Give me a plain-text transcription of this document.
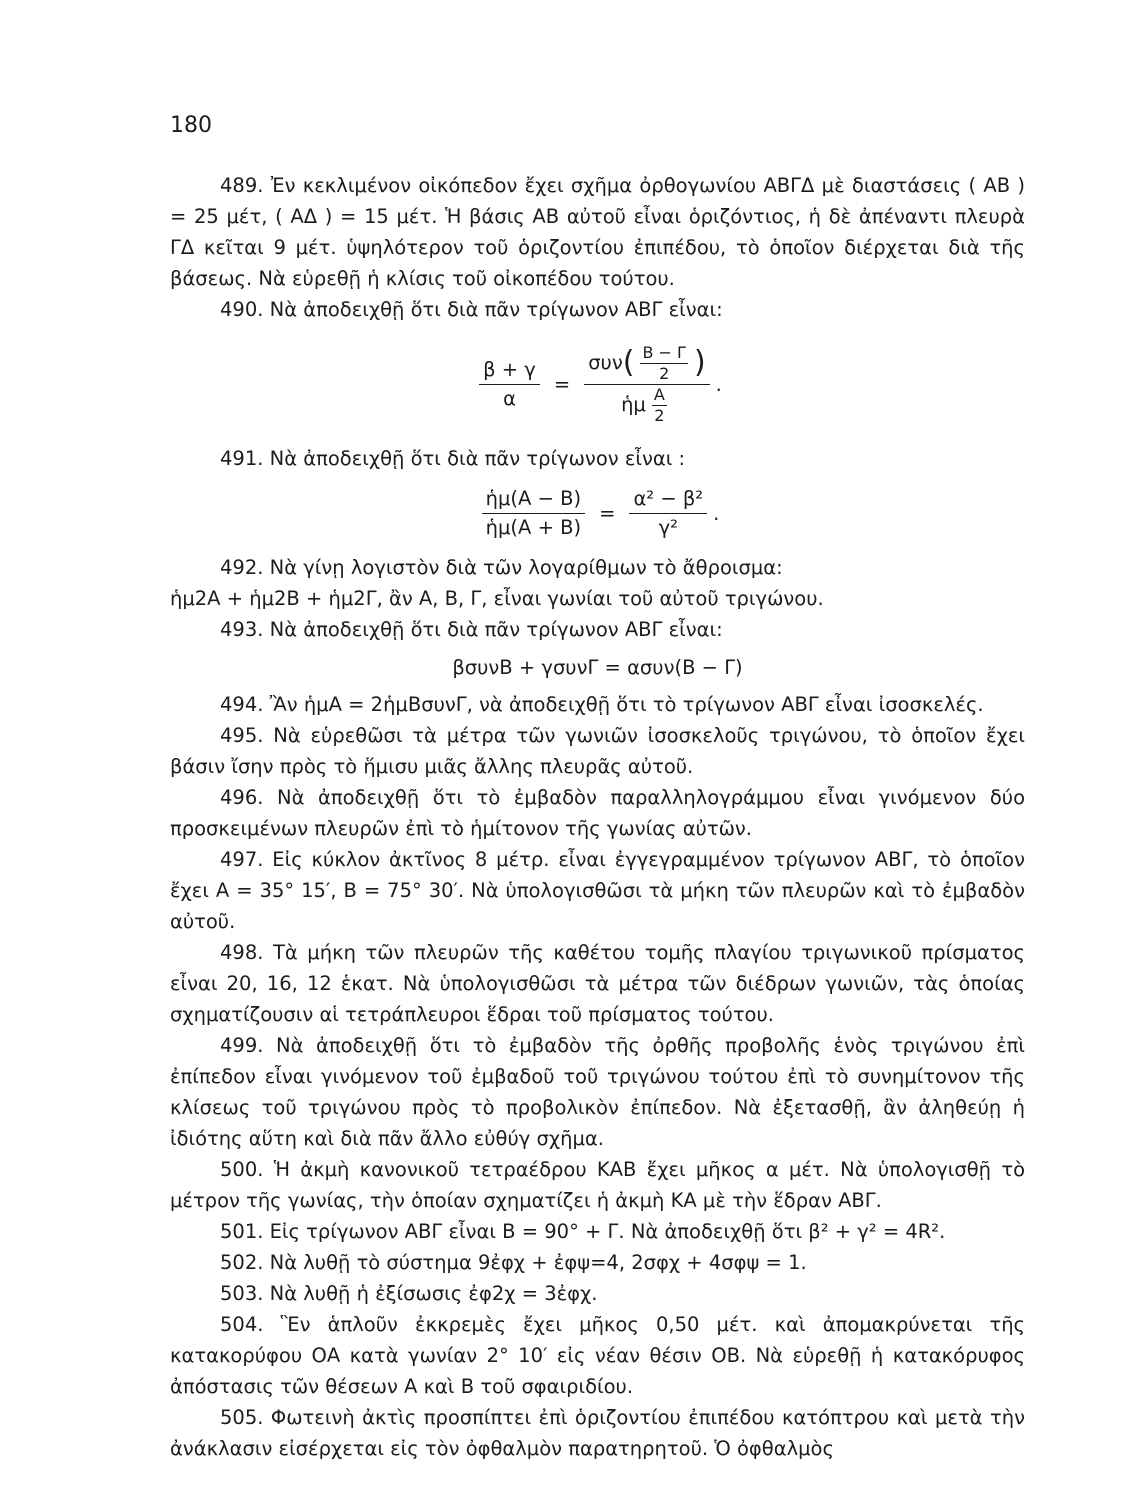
180

489. Ἐν κεκλιμένον οἰκόπεδον ἔχει σχῆμα ὀρθογωνίου ΑΒΓΔ μὲ διαστάσεις ( ΑΒ ) = 25 μέτ, ( ΑΔ ) = 15 μέτ. Ἡ βάσις ΑΒ αὐτοῦ εἶναι ὁριζόντιος, ἡ δὲ ἀπέναντι πλευρὰ ΓΔ κεῖται 9 μέτ. ὑψηλότερον τοῦ ὁριζοντίου ἐπιπέδου, τὸ ὁποῖον διέρχεται διὰ τῆς βάσεως. Νὰ εὑρεθῇ ἡ κλίσις τοῦ οἰκοπέδου τούτου.

490. Νὰ ἀποδειχθῇ ὅτι διὰ πᾶν τρίγωνον ΑΒΓ εἶναι:

$\frac{\beta + \gamma}{\alpha}$ =
συν ( $\frac{B - \Gamma}{2}$ )
ἡμ $\frac{A}{2}$
.

491. Νὰ ἀποδειχθῇ ὅτι διὰ πᾶν τρίγωνον εἶναι :

$\frac{\text{ἡμ(Α − Β)}}{\text{ἡμ(Α + Β)}} = \frac{\text{α² − β²}}{\text{γ²}}$ .

492. Νὰ γίνῃ λογιστὸν διὰ τῶν λογαρίθμων τὸ ἄθροισμα:

ἡμ2Α + ἡμ2Β + ἡμ2Γ, ἂν Α, Β, Γ, εἶναι γωνίαι τοῦ αὐτοῦ τριγώνου.

493. Νὰ ἀποδειχθῇ ὅτι διὰ πᾶν τρίγωνον ΑΒΓ εἶναι:

βσυνΒ + γσυνΓ = ασυν(Β − Γ)

494. Ἂν ἡμΑ = 2ἡμΒσυνΓ, νὰ ἀποδειχθῇ ὅτι τὸ τρίγωνον ΑΒΓ εἶναι ἰσοσκελές.

495. Νὰ εὑρεθῶσι τὰ μέτρα τῶν γωνιῶν ἰσοσκελοῦς τριγώνου, τὸ ὁποῖον ἔχει βάσιν ἴσην πρὸς τὸ ἥμισυ μιᾶς ἄλλης πλευρᾶς αὐτοῦ.

496. Νὰ ἀποδειχθῇ ὅτι τὸ ἐμβαδὸν παραλληλογράμμου εἶναι γινόμενον δύο προσκειμένων πλευρῶν ἐπὶ τὸ ἡμίτονον τῆς γωνίας αὐτῶν.

497. Εἰς κύκλον ἀκτῖνος 8 μέτρ. εἶναι ἐγγεγραμμένον τρίγωνον ΑΒΓ, τὸ ὁποῖον ἔχει Α = 35° 15′, Β = 75° 30′. Νὰ ὑπολογισθῶσι τὰ μήκη τῶν πλευρῶν καὶ τὸ ἐμβαδὸν αὐτοῦ.

498. Τὰ μήκη τῶν πλευρῶν τῆς καθέτου τομῆς πλαγίου τριγωνικοῦ πρίσματος εἶναι 20, 16, 12 ἑκατ. Νὰ ὑπολογισθῶσι τὰ μέτρα τῶν διέδρων γωνιῶν, τὰς ὁποίας σχηματίζουσιν αἱ τετράπλευροι ἕδραι τοῦ πρίσματος τούτου.

499. Νὰ ἀποδειχθῇ ὅτι τὸ ἐμβαδὸν τῆς ὀρθῆς προβολῆς ἑνὸς τριγώνου ἐπὶ ἐπίπεδον εἶναι γινόμενον τοῦ ἐμβαδοῦ τοῦ τριγώνου τούτου ἐπὶ τὸ συνημίτονον τῆς κλίσεως τοῦ τριγώνου πρὸς τὸ προβολικὸν ἐπίπεδον. Νὰ ἐξετασθῇ, ἂν ἀληθεύῃ ἡ ἰδιότης αὕτη καὶ διὰ πᾶν ἄλλο εὐθύγ σχῆμα.

500. Ἡ ἀκμὴ κανονικοῦ τετραέδρου ΚΑΒ ἔχει μῆκος α μέτ. Νὰ ὑπολογισθῇ τὸ μέτρον τῆς γωνίας, τὴν ὁποίαν σχηματίζει ἡ ἀκμὴ ΚΑ μὲ τὴν ἕδραν ΑΒΓ.

501. Εἰς τρίγωνον ΑΒΓ εἶναι Β = 90° + Γ. Νὰ ἀποδειχθῇ ὅτι β² + γ² = 4R².

502. Νὰ λυθῇ τὸ σύστημα 9ἐφχ + ἐφψ=4, 2σφχ + 4σφψ = 1.

503. Νὰ λυθῇ ἡ ἐξίσωσις ἐφ2χ = 3ἐφχ.

504. Ἓν ἁπλοῦν ἐκκρεμὲς ἔχει μῆκος 0,50 μέτ. καὶ ἀπομακρύνεται τῆς κατακορύφου ΟΑ κατὰ γωνίαν 2° 10′ εἰς νέαν θέσιν ΟΒ. Νὰ εὑρεθῇ ἡ κατακόρυφος ἀπόστασις τῶν θέσεων Α καὶ Β τοῦ σφαιριδίου.

505. Φωτεινὴ ἀκτὶς προσπίπτει ἐπὶ ὁριζοντίου ἐπιπέδου κατόπτρου καὶ μετὰ τὴν ἀνάκλασιν εἰσέρχεται εἰς τὸν ὀφθαλμὸν παρατηρητοῦ. Ὁ ὀφθαλμὸς
